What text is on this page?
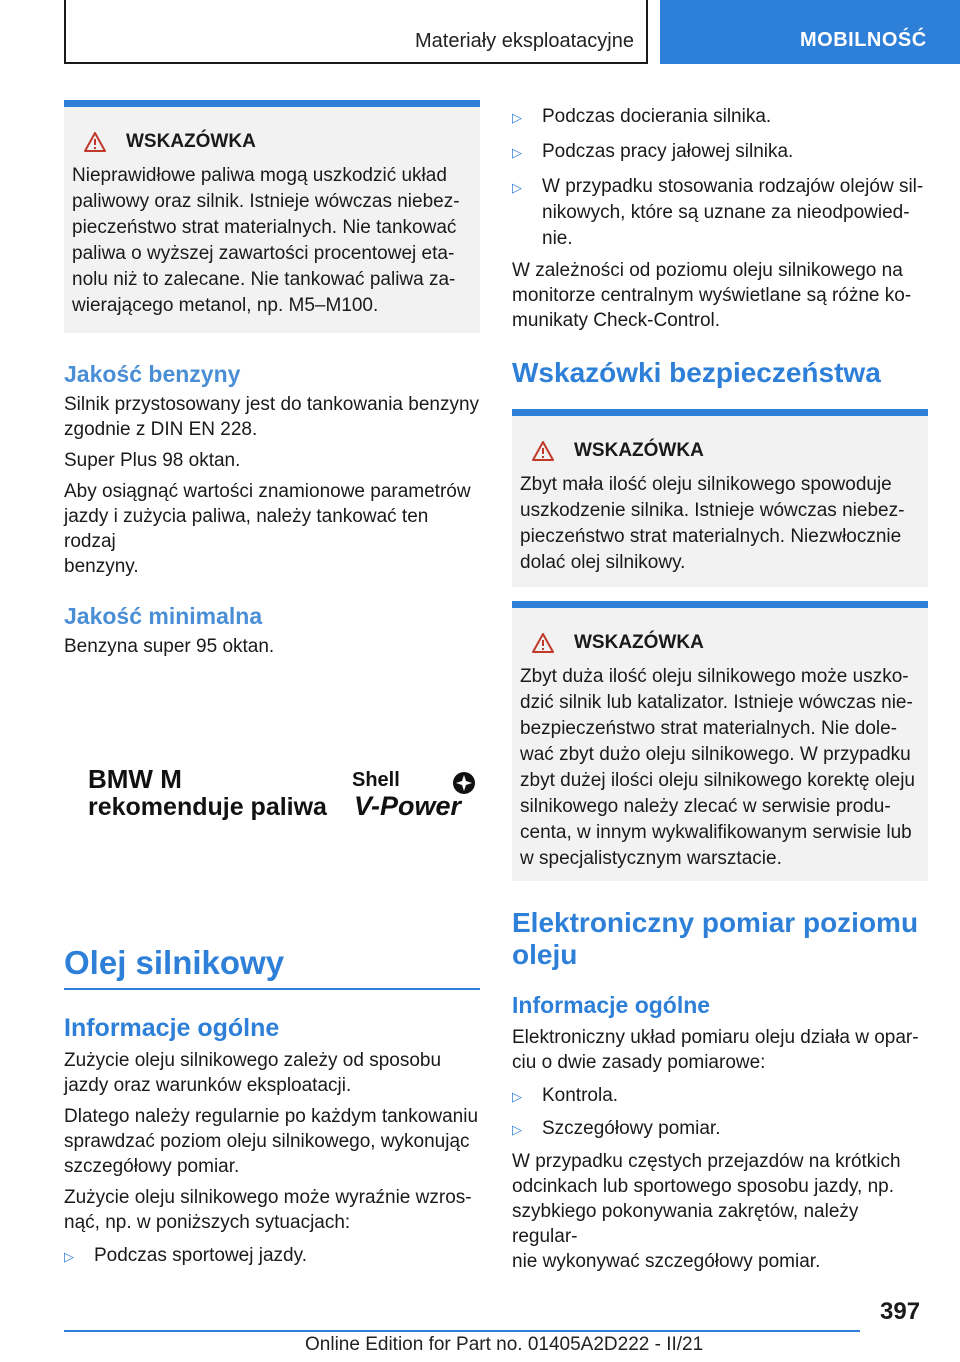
Materiały eksploatacyjne	MOBILNOŚĆ
WSKAZÓWKA

Nieprawidłowe paliwa mogą uszkodzić układ

paliwowy oraz silnik. Istnieje wówczas niebez-

pieczeństwo strat materialnych. Nie tankować

paliwa o wyższej zawartości procentowej eta-

nolu niż to zalecane. Nie tankować paliwa za-

wierającego metanol, np. M5–M100.

Jakość benzyny

Silnik przystosowany jest do tankowania benzyny

zgodnie z DIN EN 228.

Super Plus 98 oktan.

Aby osiągnąć wartości znamionowe parametrów

jazdy i zużycia paliwa, należy tankować ten rodzaj

benzyny.

Jakość minimalna

Benzyna super 95 oktan.

BMW M
rekomenduje paliwa
Shell
V-Power
Olej silnikowy
Informacje ogólne

Zużycie oleju silnikowego zależy od sposobu

jazdy oraz warunków eksploatacji.

Dlatego należy regularnie po każdym tankowaniu

sprawdzać poziom oleju silnikowego, wykonując

szczegółowy pomiar.

Zużycie oleju silnikowego może wyraźnie wzros-

nąć, np. w poniższych sytuacjach:

▷	Podczas sportowej jazdy.
▷	Podczas docierania silnika.
▷	Podczas pracy jałowej silnika.
▷	W przypadku stosowania rodzajów olejów sil-
nikowych, które są uznane za nieodpowied-
nie.

W zależności od poziomu oleju silnikowego na

monitorze centralnym wyświetlane są różne ko-

munikaty Check-Control.

Wskazówki bezpieczeństwa
WSKAZÓWKA

Zbyt mała ilość oleju silnikowego spowoduje

uszkodzenie silnika. Istnieje wówczas niebez-

pieczeństwo strat materialnych. Niezwłocznie

dolać olej silnikowy.

WSKAZÓWKA

Zbyt duża ilość oleju silnikowego może uszko-

dzić silnik lub katalizator. Istnieje wówczas nie-

bezpieczeństwo strat materialnych. Nie dole-

wać zbyt dużo oleju silnikowego. W przypadku

zbyt dużej ilości oleju silnikowego korektę oleju

silnikowego należy zlecać w serwisie produ-

centa, w innym wykwalifikowanym serwisie lub

w specjalistycznym warsztacie.

Elektroniczny pomiar poziomu
oleju
Informacje ogólne

Elektroniczny układ pomiaru oleju działa w opar-

ciu o dwie zasady pomiarowe:

▷	Kontrola.
▷	Szczegółowy pomiar.

W przypadku częstych przejazdów na krótkich

odcinkach lub sportowego sposobu jazdy, np.

szybkiego pokonywania zakrętów, należy regular-

nie wykonywać szczegółowy pomiar.

397
Online Edition for Part no. 01405A2D222 - II/21
